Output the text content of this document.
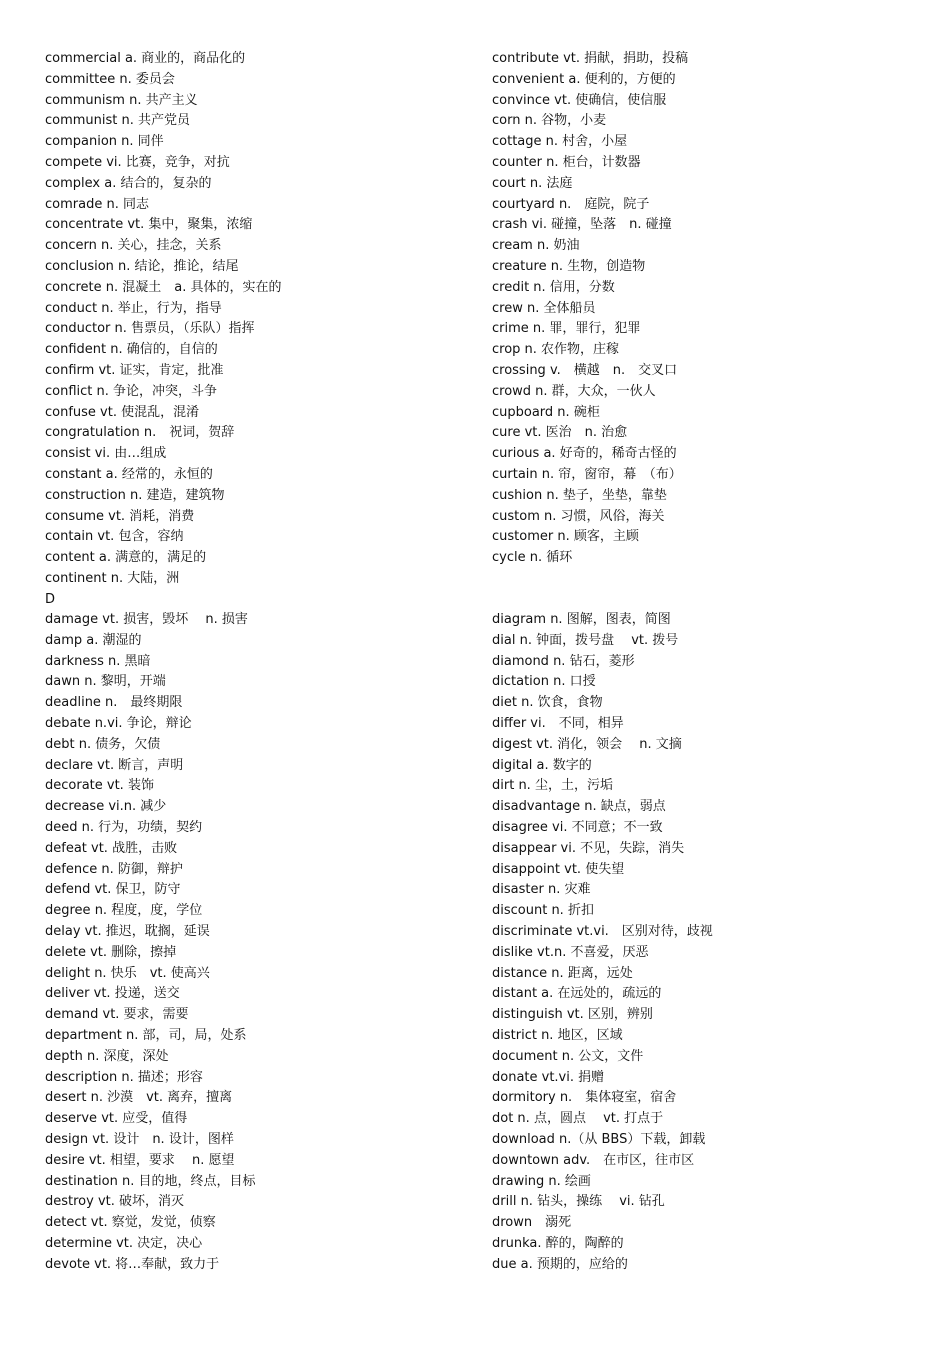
commercial a. 商业的，商品化的
committee n. 委员会
communism n. 共产主义
communist n. 共产党员
companion n. 同伴
compete vi. 比赛，竞争，对抗
complex a. 结合的，复杂的
comrade n. 同志
concentrate vt. 集中，聚集，浓缩
concern n. 关心，挂念，关系
conclusion n. 结论，推论，结尾
concrete n. 混凝土　a. 具体的，实在的
conduct n. 举止，行为，指导
conductor n. 售票员，（乐队）指挥
confident n. 确信的，自信的
confirm vt. 证实，肯定，批准
conflict n. 争论，冲突，斗争
confuse vt. 使混乱，混淆
congratulation n.　祝词，贺辞
consist vi. 由…组成
constant a. 经常的，永恒的
construction n. 建造，建筑物
consume vt. 消耗，消费
contain vt. 包含，容纳
content a. 满意的，满足的
continent n. 大陆，洲
contribute vt. 捐献，捐助，投稿
convenient a. 便利的，方便的
convince vt. 使确信，使信服
corn n. 谷物，小麦
cottage n. 村舍，小屋
counter n. 柜台，计数器
court n. 法庭
courtyard n.　庭院，院子
crash vi. 碰撞，坠落　n. 碰撞
cream n. 奶油
creature n. 生物，创造物
credit n. 信用，分数
crew n. 全体船员
crime n. 罪，罪行，犯罪
crop n. 农作物，庄稼
crossing v.　横越　n.　交叉口
crowd n. 群，大众，一伙人
cupboard n. 碗柜
cure vt. 医治　n. 治愈
curious a. 好奇的，稀奇古怪的
curtain n. 帘，窗帘，幕　（布）
cushion n. 垫子，坐垫，靠垫
custom n. 习惯，风俗，海关
customer n. 顾客，主顾
cycle n. 循环
D
damage vt. 损害，毁坏　 n. 损害
damp a. 潮湿的
darkness n. 黑暗
dawn n. 黎明，开端
deadline n.　最终期限
debate n.vi. 争论，辩论
debt n. 债务，欠债
declare vt. 断言，声明
decorate vt. 装饰
decrease vi.n. 减少
deed n. 行为，功绩，契约
defeat vt. 战胜，击败
defence n. 防御，辩护
defend vt. 保卫，防守
degree n. 程度，度，学位
delay vt. 推迟，耽搁，延误
delete vt. 删除，擦掉
delight n. 快乐　vt. 使高兴
deliver vt. 投递，送交
demand vt. 要求，需要
department n. 部，司，局，处系
depth n. 深度，深处
description n. 描述；形容
desert n. 沙漠　vt. 离弃，擅离
deserve vt. 应受，值得
design vt. 设计　n. 设计，图样
desire vt. 相望，要求　 n. 愿望
destination n. 目的地，终点，目标
destroy vt. 破坏，消灭
detect vt. 察觉，发觉，侦察
determine vt. 决定，决心
devote vt. 将…奉献，致力于
diagram n. 图解，图表，简图
dial n. 钟面，拨号盘　 vt. 拨号
diamond n. 钻石，菱形
dictation n. 口授
diet n. 饮食，食物
differ vi.　不同，相异
digest vt. 消化，领会　 n. 文摘
digital a. 数字的
dirt n. 尘，土，污垢
disadvantage n. 缺点，弱点
disagree vi. 不同意；不一致
disappear vi. 不见，失踪，消失
disappoint vt. 使失望
disaster n. 灾难
discount n. 折扣
discriminate vt.vi.　区别对待，歧视
dislike vt.n. 不喜爱，厌恶
distance n. 距离，远处
distant a. 在远处的，疏远的
distinguish vt. 区别，辨别
district n. 地区，区域
document n. 公文，文件
donate vt.vi. 捐赠
dormitory n.　集体寝室，宿舍
dot n. 点，圆点　 vt. 打点于
download n.（从 BBS）下载，卸载
downtown adv.　在市区，往市区
drawing n. 绘画
drill n. 钻头，操练　 vi. 钻孔
drown　溺死
drunka. 醉的，陶醉的
due a. 预期的，应给的
